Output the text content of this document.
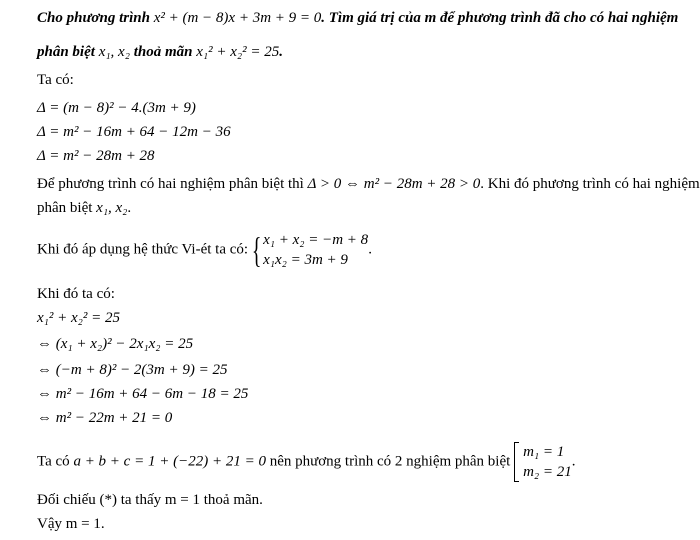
Cho phương trình x² + (m − 8)x + 3m + 9 = 0. Tìm giá trị của m để phương trình đã cho có hai nghiệm
phân biệt x₁, x₂ thoả mãn x₁² + x₂² = 25.
Ta có:
Δ = (m − 8)² − 4.(3m + 9)
Δ = m² − 16m + 64 − 12m − 36
Δ = m² − 28m + 28
Để phương trình có hai nghiệm phân biệt thì Δ > 0 ⇔ m² − 28m + 28 > 0. Khi đó phương trình có hai nghiệm
phân biệt x₁, x₂.
Khi đó áp dụng hệ thức Vi-ét ta có: { x₁ + x₂ = −m + 8
x₁x₂ = 3m + 9
.
Khi đó ta có:
x₁² + x₂² = 25
⇔ (x₁ + x₂)² − 2x₁x₂ = 25
⇔ (−m + 8)² − 2(3m + 9) = 25
⇔ m² − 16m + 64 − 6m − 18 = 25
⇔ m² − 22m + 21 = 0
Ta có a + b + c = 1 + (−22) + 21 = 0 nên phương trình có 2 nghiệm phân biệt
m₁ = 1
m₂ = 21
.
Đối chiếu (*) ta thấy m = 1 thoả mãn.
Vậy m = 1.
